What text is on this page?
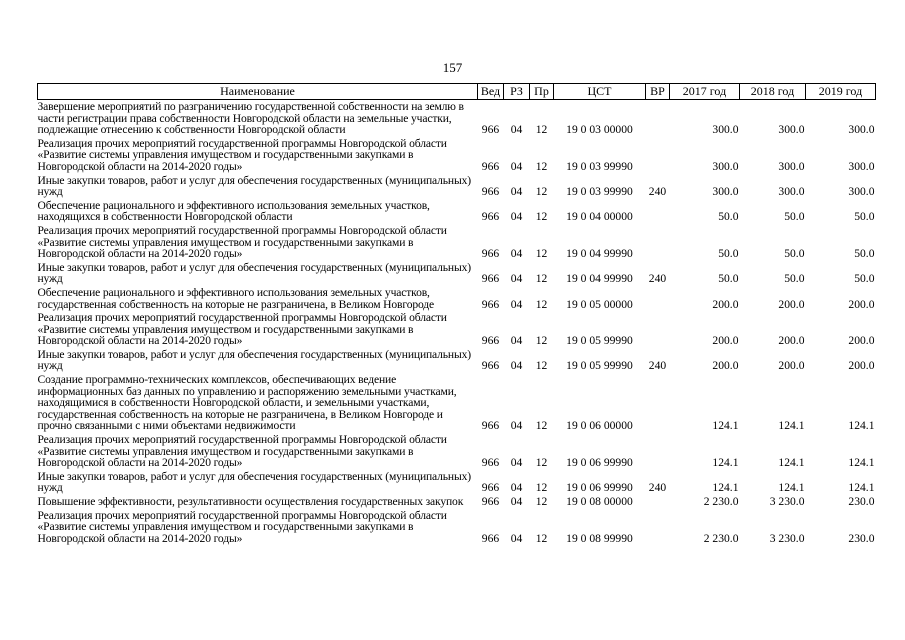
157
Наименование	Вед	РЗ	Пр	ЦСТ	ВР	2017 год	2018 год	2019 год
Завершение мероприятий по разграничению государственной собственности на землю в части регистрации права собственности Новгородской области на земельные участки, подлежащие отнесению к собственности Новгородской области	966	04	12	19 0 03 00000		300.0	300.0	300.0
Реализация прочих мероприятий государственной программы Новгородской области «Развитие системы управления имуществом и государственными закупками в Новгородской области на 2014-2020 годы»	966	04	12	19 0 03 99990		300.0	300.0	300.0
Иные закупки товаров, работ и услуг для обеспечения государственных (муниципальных) нужд	966	04	12	19 0 03 99990	240	300.0	300.0	300.0
Обеспечение рационального и эффективного использования земельных участков, находящихся в собственности Новгородской области	966	04	12	19 0 04 00000		50.0	50.0	50.0
Реализация прочих мероприятий государственной программы Новгородской области «Развитие системы управления имуществом и государственными закупками в Новгородской области на 2014-2020 годы»	966	04	12	19 0 04 99990		50.0	50.0	50.0
Иные закупки товаров, работ и услуг для обеспечения государственных (муниципальных) нужд	966	04	12	19 0 04 99990	240	50.0	50.0	50.0
Обеспечение рационального и эффективного использования земельных участков, государственная собственность на которые не разграничена, в Великом Новгороде	966	04	12	19 0 05 00000		200.0	200.0	200.0
Реализация прочих мероприятий государственной программы Новгородской области «Развитие системы управления имуществом и государственными закупками в Новгородской области на 2014-2020 годы»	966	04	12	19 0 05 99990		200.0	200.0	200.0
Иные закупки товаров, работ и услуг для обеспечения государственных (муниципальных) нужд	966	04	12	19 0 05 99990	240	200.0	200.0	200.0
Создание программно-технических комплексов, обеспечивающих ведение информационных баз данных по управлению и распоряжению земельными участками, находящимися в собственности Новгородской области, и земельными участками, государственная собственность на которые не разграничена, в Великом Новгороде и прочно связанными с ними объектами недвижимости	966	04	12	19 0 06 00000		124.1	124.1	124.1
Реализация прочих мероприятий государственной программы Новгородской области «Развитие системы управления имуществом и государственными закупками в Новгородской области на 2014-2020 годы»	966	04	12	19 0 06 99990		124.1	124.1	124.1
Иные закупки товаров, работ и услуг для обеспечения государственных (муниципальных) нужд	966	04	12	19 0 06 99990	240	124.1	124.1	124.1
Повышение эффективности, результативности осуществления государственных закупок	966	04	12	19 0 08 00000		2 230.0	3 230.0	230.0
Реализация прочих мероприятий государственной программы Новгородской области «Развитие системы управления имуществом и государственными закупками в Новгородской области на 2014-2020 годы»	966	04	12	19 0 08 99990		2 230.0	3 230.0	230.0
